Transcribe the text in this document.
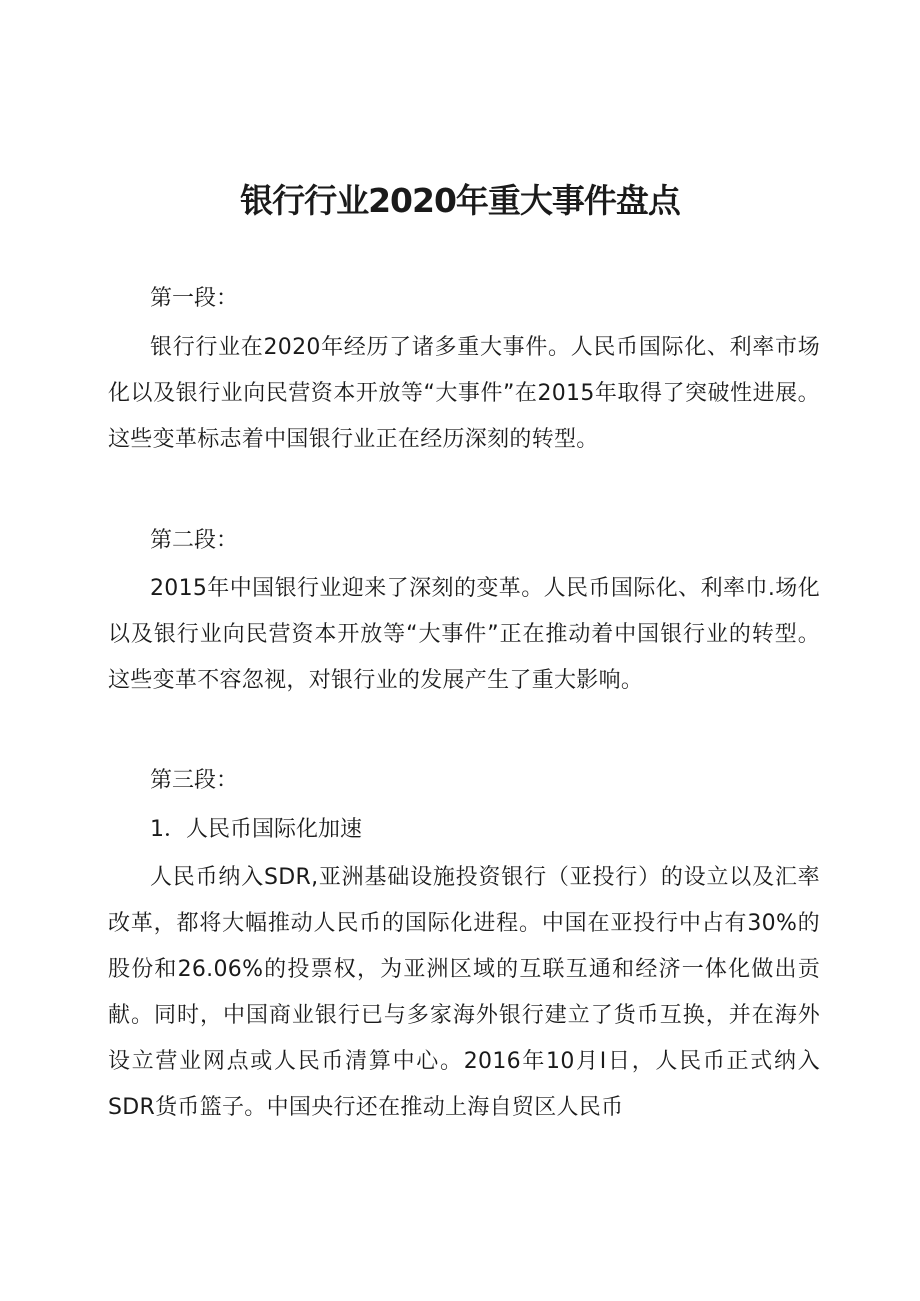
银行行业2020年重大事件盘点

第一段：

银行行业在2020年经历了诸多重大事件。人民币国际化、利率市场化以及银行业向民营资本开放等“大事件”在2015年取得了突破性进展。这些变革标志着中国银行业正在经历深刻的转型。

第二段：

2015年中国银行业迎来了深刻的变革。人民币国际化、利率巾.场化以及银行业向民营资本开放等“大事件”正在推动着中国银行业的转型。这些变革不容忽视，对银行业的发展产生了重大影响。

第三段：

1．人民币国际化加速

人民币纳入SDR,亚洲基础设施投资银行（亚投行）的设立以及汇率改革，都将大幅推动人民币的国际化进程。中国在亚投行中占有30%的股份和26.06%的投票权，为亚洲区域的互联互通和经济一体化做出贡献。同时，中国商业银行已与多家海外银行建立了货币互换，并在海外设立营业网点或人民币清算中心。2016年10月I日，人民币正式纳入SDR货币篮子。中国央行还在推动上海自贸区人民币
